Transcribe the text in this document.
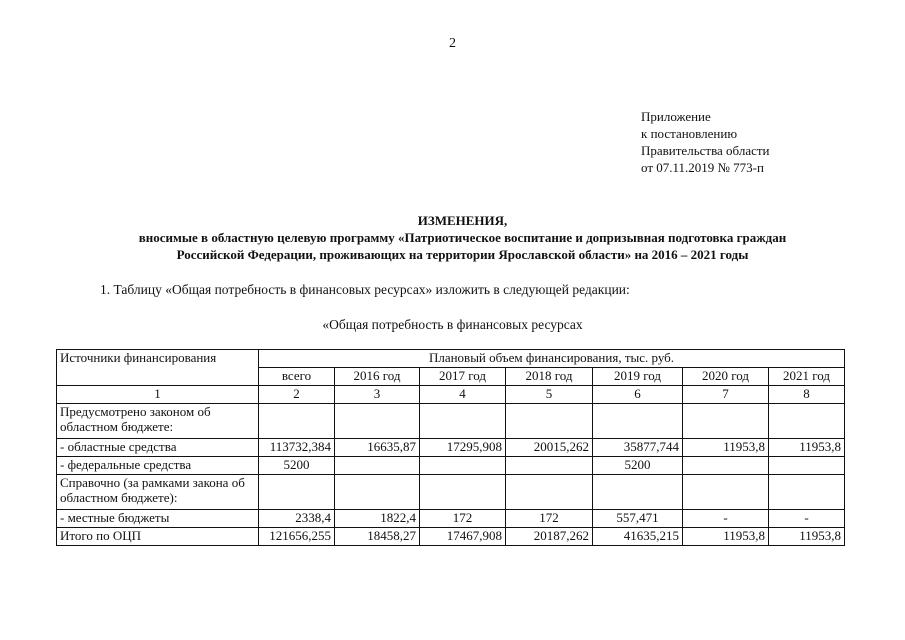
2
Приложение
к постановлению
Правительства области
от 07.11.2019 № 773-п
ИЗМЕНЕНИЯ,
вносимые в областную целевую программу «Патриотическое воспитание и допризывная подготовка граждан
Российской Федерации, проживающих на территории Ярославской области» на 2016 – 2021 годы
1. Таблицу «Общая потребность в финансовых ресурсах» изложить в следующей редакции:
«Общая потребность в финансовых ресурсах
Источники финансирования	Плановый объем финансирования, тыс. руб.						
	всего	2016 год	2017 год	2018 год	2019 год	2020 год	2021 год
1	2	3	4	5	6	7	8
Предусмотрено законом об областном бюджете:							
- областные средства	113732,384	16635,87	17295,908	20015,262	35877,744	11953,8	11953,8
- федеральные средства	5200				5200		
Справочно (за рамками закона об областном бюджете):							
- местные бюджеты	2338,4	1822,4	172	172	557,471	-	-
Итого по ОЦП	121656,255	18458,27	17467,908	20187,262	41635,215	11953,8	11953,8
